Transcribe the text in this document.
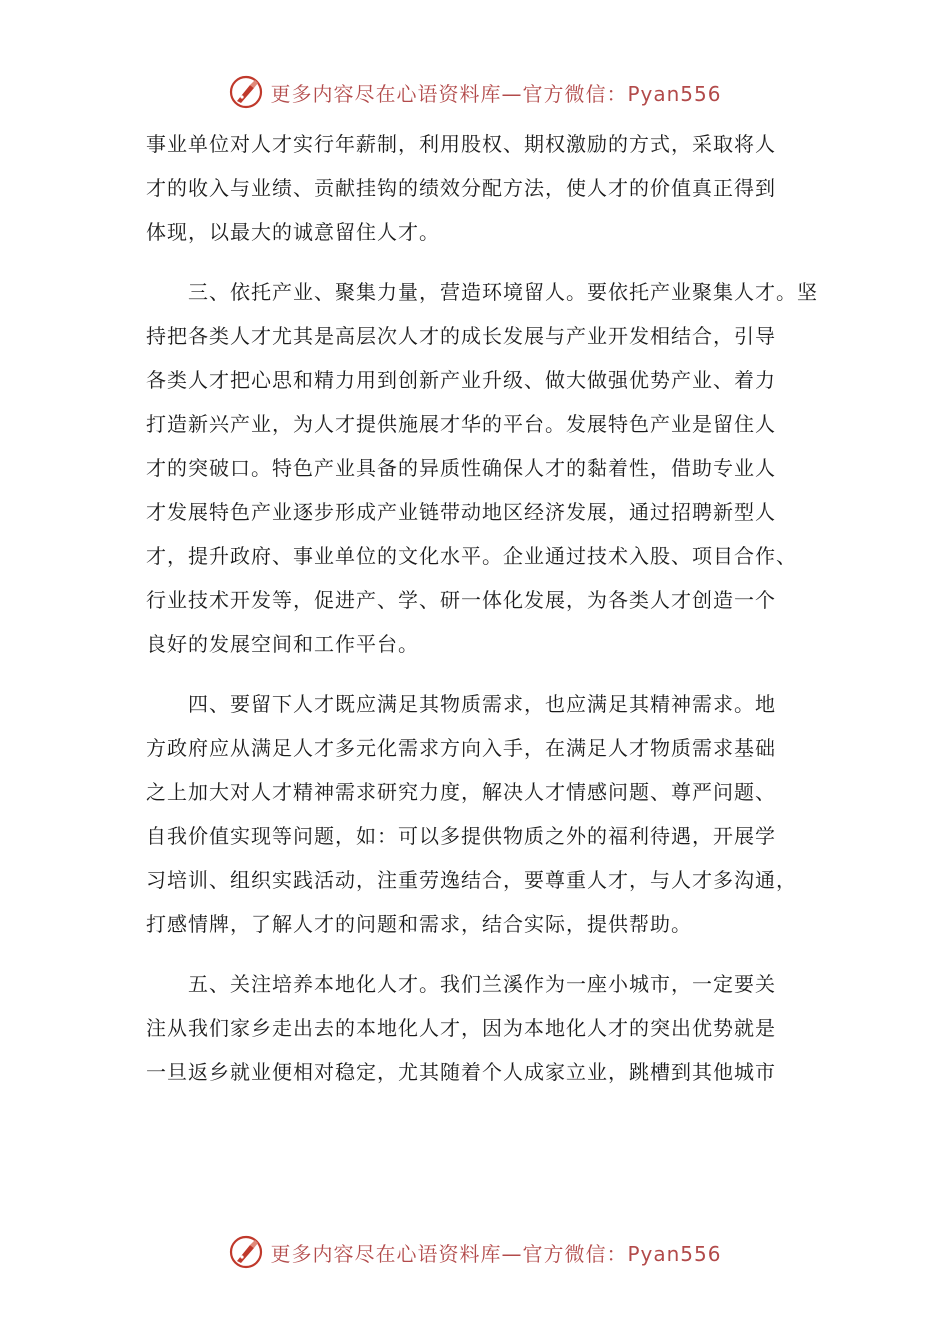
更多内容尽在心语资料库—官方微信：Pyan556

事业单位对人才实行年薪制，利用股权、期权激励的方式，采取将人
才的收入与业绩、贡献挂钩的绩效分配方法，使人才的价值真正得到
体现，以最大的诚意留住人才。

　　三、依托产业、聚集力量，营造环境留人。要依托产业聚集人才。坚
持把各类人才尤其是高层次人才的成长发展与产业开发相结合，引导
各类人才把心思和精力用到创新产业升级、做大做强优势产业、着力
打造新兴产业，为人才提供施展才华的平台。发展特色产业是留住人
才的突破口。特色产业具备的异质性确保人才的黏着性，借助专业人
才发展特色产业逐步形成产业链带动地区经济发展，通过招聘新型人
才，提升政府、事业单位的文化水平。企业通过技术入股、项目合作、
行业技术开发等，促进产、学、研一体化发展，为各类人才创造一个
良好的发展空间和工作平台。

　　四、要留下人才既应满足其物质需求，也应满足其精神需求。地
方政府应从满足人才多元化需求方向入手，在满足人才物质需求基础
之上加大对人才精神需求研究力度，解决人才情感问题、尊严问题、
自我价值实现等问题，如：可以多提供物质之外的福利待遇，开展学
习培训、组织实践活动，注重劳逸结合，要尊重人才，与人才多沟通，
打感情牌，了解人才的问题和需求，结合实际，提供帮助。

　　五、关注培养本地化人才。我们兰溪作为一座小城市，一定要关
注从我们家乡走出去的本地化人才，因为本地化人才的突出优势就是
一旦返乡就业便相对稳定，尤其随着个人成家立业，跳槽到其他城市

更多内容尽在心语资料库—官方微信：Pyan556
